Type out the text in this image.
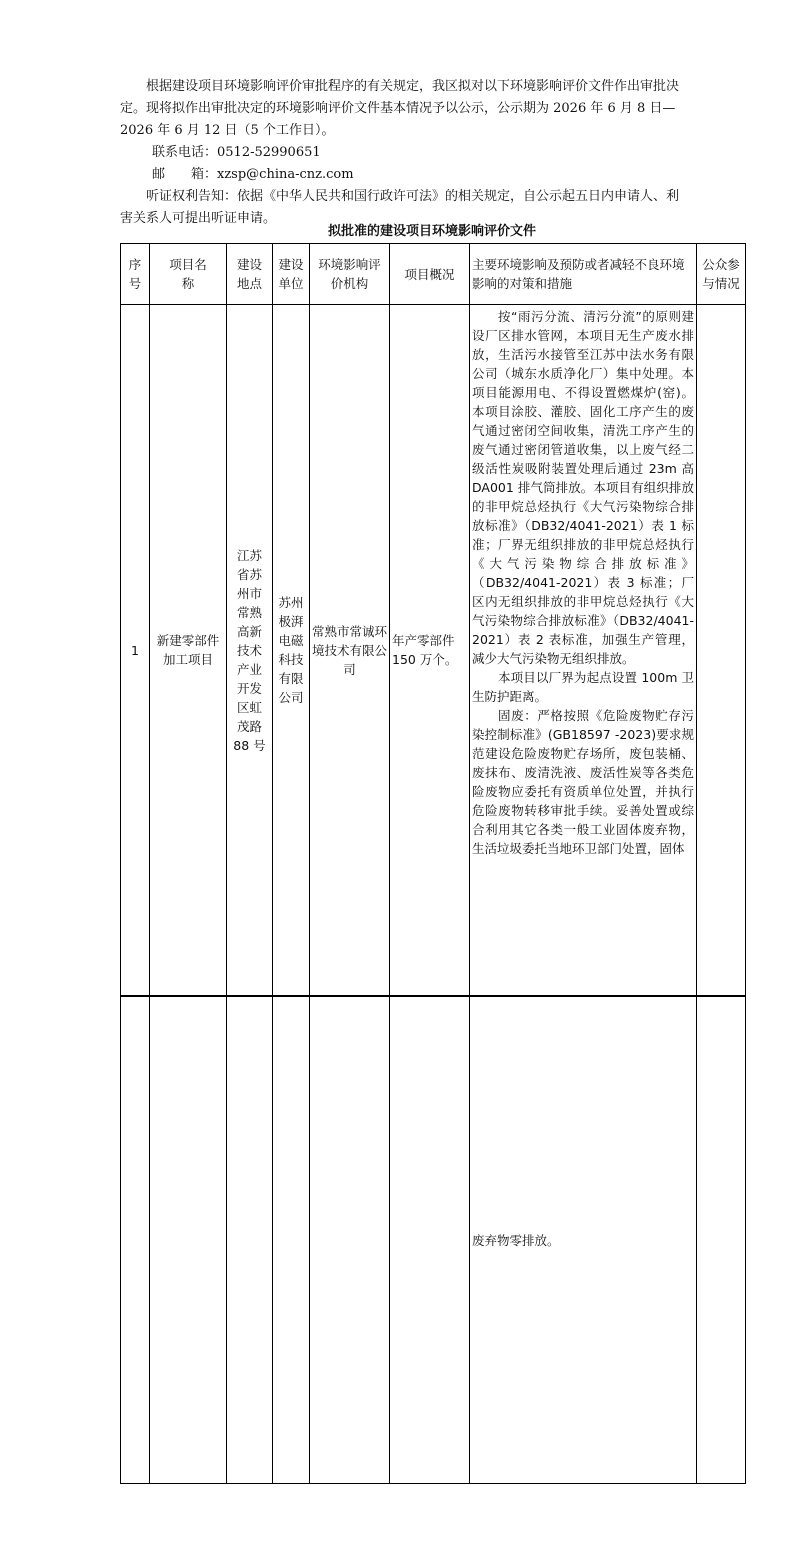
根据建设项目环境影响评价审批程序的有关规定，我区拟对以下环境影响评价文件作出审批决定。现将拟作出审批决定的环境影响评价文件基本情况予以公示，公示期为 2026 年 6 月 8 日—2026 年 6 月 12 日（5 个工作日）。

联系电话：0512-52990651

邮　　箱：xzsp@china-cnz.com

听证权利告知：依据《中华人民共和国行政许可法》的相关规定，自公示起五日内申请人、利害关系人可提出听证申请。

拟批准的建设项目环境影响评价文件
序号	项目名称	建设地点	建设单位	环境影响评价机构	项目概况	主要环境影响及预防或者减轻不良环境影响的对策和措施	公众参与情况
1	新建零部件加工项目	江苏省苏州市常熟高新技术产业开发区虹茂路 88 号	苏州极湃电磁科技有限公司	常熟市常诚环境技术有限公司	年产零部件 150 万个。	按“雨污分流、清污分流”的原则建设厂区排水管网，本项目无生产废水排放，生活污水接管至江苏中法水务有限公司（城东水质净化厂）集中处理。本项目能源用电、不得设置燃煤炉(窑)。本项目涂胶、灌胶、固化工序产生的废气通过密闭空间收集，清洗工序产生的废气通过密闭管道收集，以上废气经二级活性炭吸附装置处理后通过 23m 高 DA001 排气筒排放。本项目有组织排放的非甲烷总烃执行《大气污染物综合排放标准》（DB32/4041-2021）表 1 标准；厂界无组织排放的非甲烷总烃执行《大气污染物综合排放标准》（DB32/4041-2021）表 3 标准；厂区内无组织排放的非甲烷总烃执行《大气污染物综合排放标准》（DB32/4041-2021）表 2 表标准，加强生产管理，减少大气污染物无组织排放。

本项目以厂界为起点设置 100m 卫生防护距离。

固废：严格按照《危险废物贮存污染控制标准》(GB18597 -2023)要求规范建设危险废物贮存场所，废包装桶、废抹布、废清洗液、废活性炭等各类危险废物应委托有资质单位处置，并执行危险废物转移审批手续。妥善处置或综合利用其它各类一般工业固体废弃物，生活垃圾委托当地环卫部门处置，固体	

						废弃物零排放。	
